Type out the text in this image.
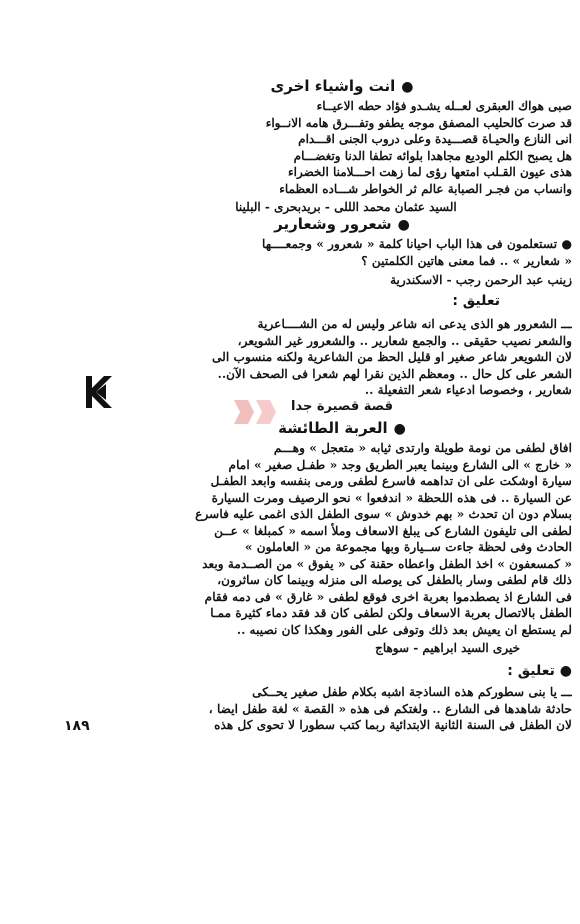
●انت واشياء اخرى
صبى هواك العبقرى لعــله يشـدو فؤاد حطه الاعيــاء
قد صرت كالحليب المصفق موجه يطفو وتفـــرق هامه الانــواء
انى النازع والحيـاة قصـــيدة وعلى دروب الجنى اقـــدام
هل يصبح الكلم الوديع مجاهدا بلوائه تطفا الدنا وتغضـــام
هذى عيون القـلب امتعها رؤى لما زهت احـــلامنا الخضراء
وانساب من فجـر الصبابة عالم ثر الخواطر شـــاده العظماء
السيد عثمان محمد الللى - بريدبحرى - البلينا
●شعرور وشعارير
● تستعلمون فى هذا الباب احيانا كلمة « شعرور » وجمعــــها
« شعارير » .. فما معنى هاتين الكلمتين ؟
زينب عبد الرحمن رجب - الاسكندرية
تعليق :
ـــ الشعرور هو الذى يدعى انه شاعر وليس له من الشــــاعرية
والشعر نصيب حقيقى .. والجمع شعارير .. والشعرور غير الشويعر،
لان الشويعر شاعر صغير او قليل الحظ من الشاعرية ولكنه منسوب الى
الشعر على كل حال .. ومعظم الذين نقرا لهم شعرا فى الصحف الآن..
شعارير ، وخصوصا ادعياء شعر التفعيلة ..
قصة قصيرة جدا
●العربة الطائشة
افاق لطفى من نومة طويلة وارتدى ثيابه « متعجل » وهـــم
« خارج » الى الشارع وبينما يعبر الطريق وجد « طفـل صغير » امام
سيارة اوشكت على ان تداهمه فاسرع لطفى ورمى بنفسه وابعد الطفـل
عن السيارة .. فى هذه اللحظة « اندفعوا » نحو الرصيف ومرت السيارة
بسلام دون ان تحدث « بهم خدوش » سوى الطفل الذى اغمى عليه فاسرع
لطفى الى تليفون الشارع كى يبلغ الاسعاف وملأ اسمه « كمبلغا » عــن
الحادث وفى لحظة جاءت ســيارة وبها مجموعة من « العاملون »
« كمسعفون » اخذ الطفل واعطاه حقنة كى « يفوق » من الصــدمة وبعد
ذلك قام لطفى وسار بالطفل كى يوصله الى منزله وبينما كان ساثرون،
فى الشارع اذ يصطدموا بعربة اخرى فوقع لطفى « غارق » فى دمه فقام
الطفل بالاتصال بعربة الاسعاف ولكن لطفى كان قد فقد دماء كثيرة ممـا
لم يستطع ان يعيش بعد ذلك وتوفى على الفور وهكذا كان نصيبه ..
خيرى السيد ابراهيم - سوهاج
● تعليق :
ـــ يا بنى سطوركم هذه الساذجة اشبه بكلام طفل صغير يحــكى
حادثة شاهدها فى الشارع .. ولغتكم فى هذه « القصة » لغة طفل ايضا ،
لان الطفل فى السنة الثانية الابتدائية ربما كتب سطورا لا تحوى كل هذه
١٨٩
